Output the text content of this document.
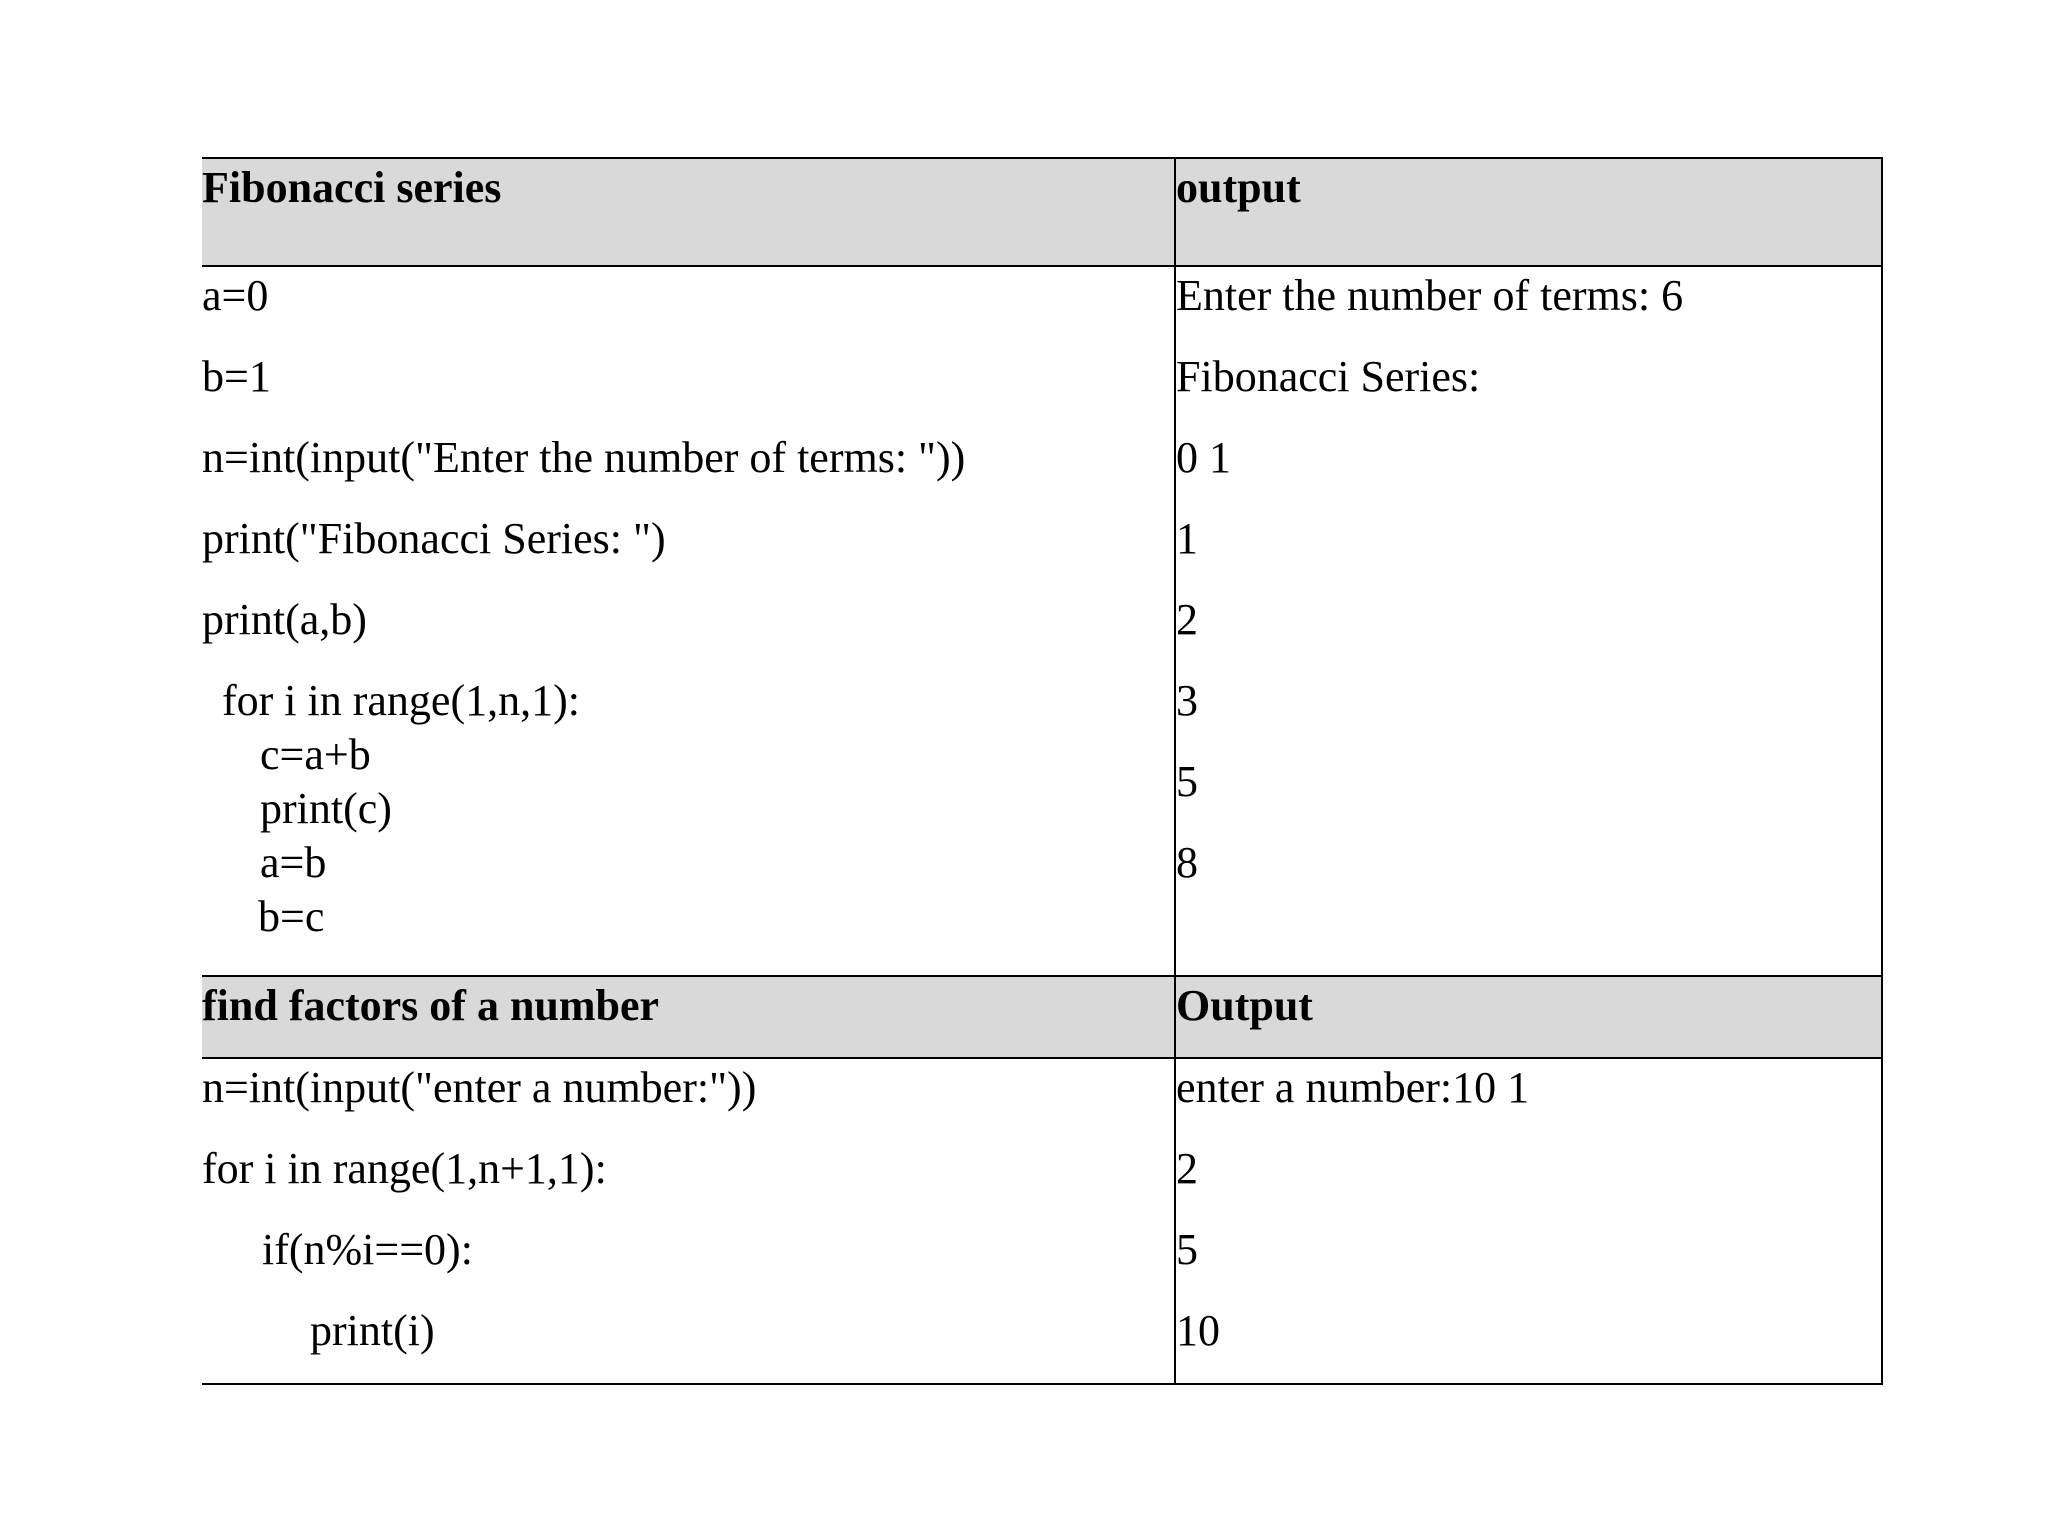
Fibonacci series	output
a=0
b=1
n=int(input("Enter the number of terms: "))
print("Fibonacci Series: ")
print(a,b)
for i in range(1,n,1):
c=a+b
print(c)
a=b
b=c
Enter the number of terms: 6
Fibonacci Series:
0 1
1
2
3
5
8
find factors of a number	Output
n=int(input("enter a number:"))
for i in range(1,n+1,1):
if(n%i==0):
print(i)
enter a number:10 1
2
5
10
